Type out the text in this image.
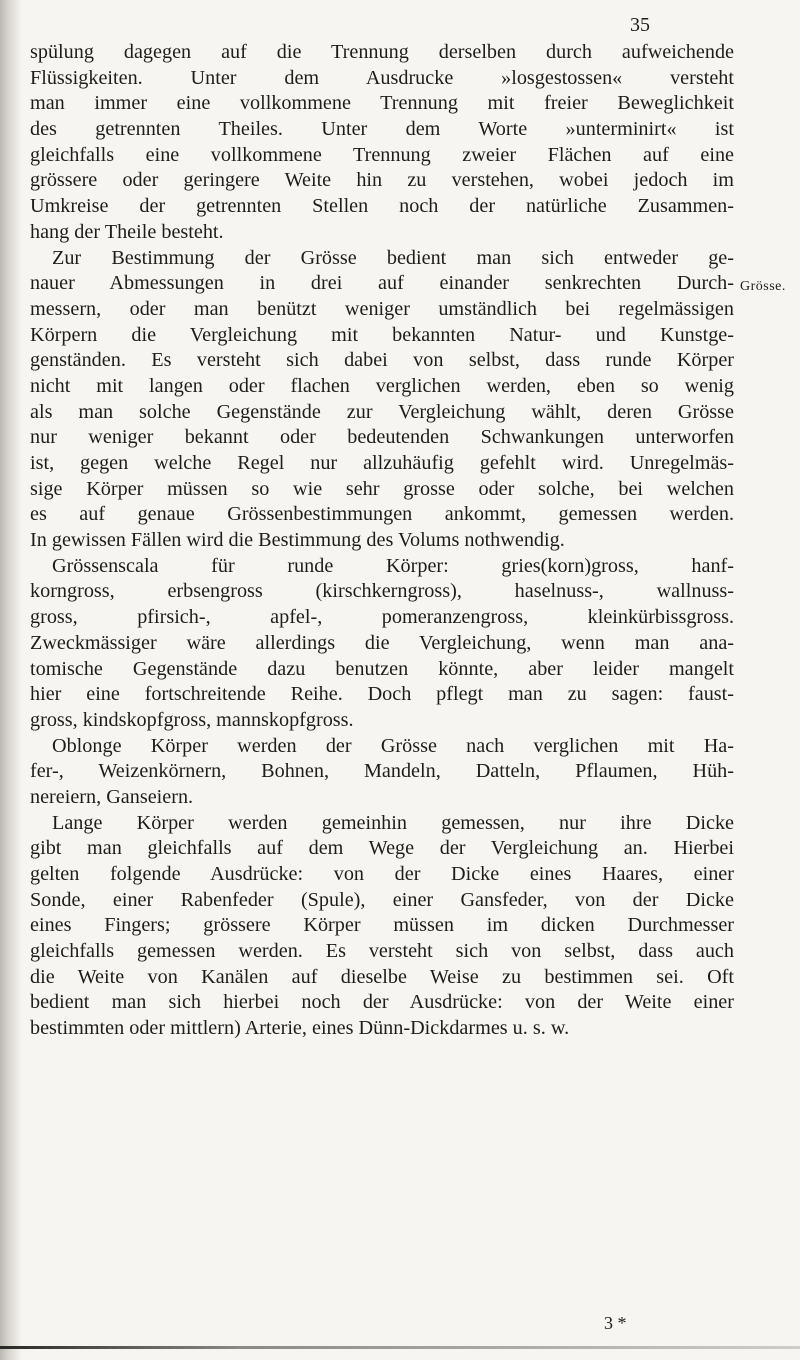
35
Grösse.
spülung dagegen auf die Trennung derselben durch aufweichende
Flüssigkeiten. Unter dem Ausdrucke »losgestossen« versteht
man immer eine vollkommene Trennung mit freier Beweglichkeit
des getrennten Theiles. Unter dem Worte »unterminirt« ist
gleichfalls eine vollkommene Trennung zweier Flächen auf eine
grössere oder geringere Weite hin zu verstehen, wobei jedoch im
Umkreise der getrennten Stellen noch der natürliche Zusammen-
hang der Theile besteht.
Zur Bestimmung der Grösse bedient man sich entweder ge-
nauer Abmessungen in drei auf einander senkrechten Durch-
messern, oder man benützt weniger umständlich bei regelmässigen
Körpern die Vergleichung mit bekannten Natur- und Kunstge-
genständen. Es versteht sich dabei von selbst, dass runde Körper
nicht mit langen oder flachen verglichen werden, eben so wenig
als man solche Gegenstände zur Vergleichung wählt, deren Grösse
nur weniger bekannt oder bedeutenden Schwankungen unterworfen
ist, gegen welche Regel nur allzuhäufig gefehlt wird. Unregelmäs-
sige Körper müssen so wie sehr grosse oder solche, bei welchen
es auf genaue Grössenbestimmungen ankommt, gemessen werden.
In gewissen Fällen wird die Bestimmung des Volums nothwendig.
Grössenscala für runde Körper: gries(korn)gross, hanf-
korngross, erbsengross (kirschkerngross), haselnuss-, wallnuss-
gross, pfirsich-, apfel-, pomeranzengross, kleinkürbissgross.
Zweckmässiger wäre allerdings die Vergleichung, wenn man ana-
tomische Gegenstände dazu benutzen könnte, aber leider mangelt
hier eine fortschreitende Reihe. Doch pflegt man zu sagen: faust-
gross, kindskopfgross, mannskopfgross.
Oblonge Körper werden der Grösse nach verglichen mit Ha-
fer-, Weizenkörnern, Bohnen, Mandeln, Datteln, Pflaumen, Hüh-
nereiern, Ganseiern.
Lange Körper werden gemeinhin gemessen, nur ihre Dicke
gibt man gleichfalls auf dem Wege der Vergleichung an. Hierbei
gelten folgende Ausdrücke: von der Dicke eines Haares, einer
Sonde, einer Rabenfeder (Spule), einer Gansfeder, von der Dicke
eines Fingers; grössere Körper müssen im dicken Durchmesser
gleichfalls gemessen werden. Es versteht sich von selbst, dass auch
die Weite von Kanälen auf dieselbe Weise zu bestimmen sei. Oft
bedient man sich hierbei noch der Ausdrücke: von der Weite einer
bestimmten oder mittlern) Arterie, eines Dünn-Dickdarmes u. s. w.
3 *
